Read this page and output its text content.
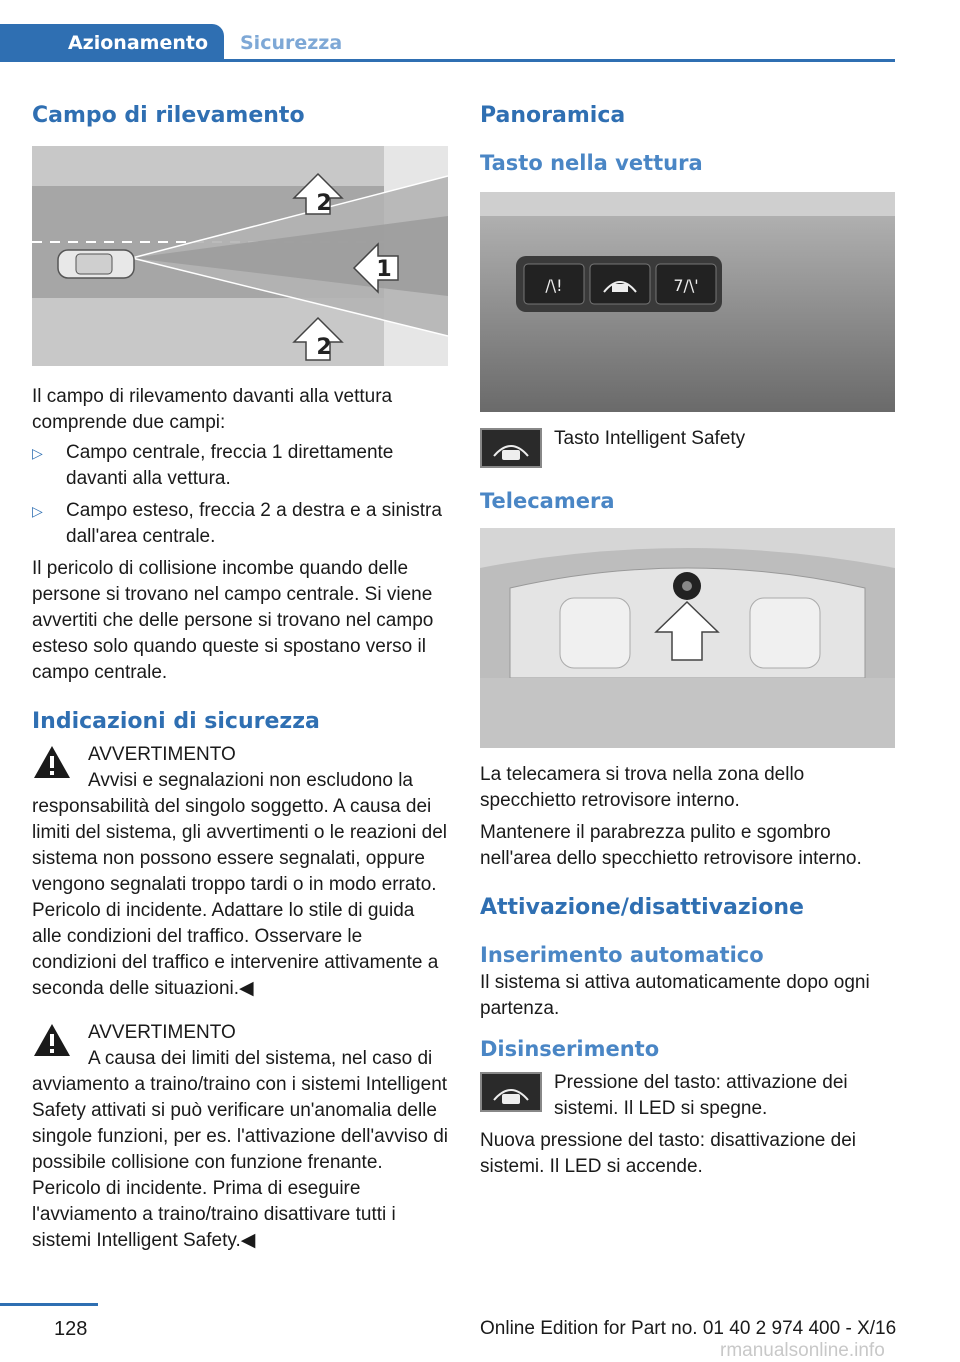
Azionamento Sicurezza
Campo di rilevamento
2
1
2

Il campo di rilevamento davanti alla vettura comprende due campi:

▷ Campo centrale, freccia 1 direttamente davanti alla vettura.
▷ Campo esteso, freccia 2 a destra e a sinistra dall'area centrale.

Il pericolo di collisione incombe quando delle persone si trovano nel campo centrale. Si viene avvertiti che delle persone si trovano nel campo esteso solo quando queste si spostano verso il campo centrale.

Indicazioni di sicurezza
AVVERTIMENTO

Avvisi e segnalazioni non escludono la responsabilità del singolo soggetto. A causa dei limiti del sistema, gli avvertimenti o le reazioni del sistema non possono essere segnalati, oppure vengono segnalati troppo tardi o in modo errato. Pericolo di incidente. Adattare lo stile di guida alle condizioni del traffico. Osservare le condizioni del traffico e intervenire attivamente a seconda delle situazioni.◀

AVVERTIMENTO

A causa dei limiti del sistema, nel caso di avviamento a traino/traino con i sistemi Intelligent Safety attivati si può verificare un'anomalia delle singole funzioni, per es. l'attivazione dell'avviso di possibile collisione con funzione frenante. Pericolo di incidente. Prima di eseguire l'avviamento a traino/traino disattivare tutti i sistemi Intelligent Safety.◀

Panoramica
Tasto nella vettura
/\!	7/\'

Tasto Intelligent Safety

Telecamera

La telecamera si trova nella zona dello specchietto retrovisore interno.

Mantenere il parabrezza pulito e sgombro nell'area dello specchietto retrovisore interno.

Attivazione/disattivazione
Inserimento automatico

Il sistema si attiva automaticamente dopo ogni partenza.

Disinserimento

Pressione del tasto: attivazione dei sistemi. Il LED si spegne.

Nuova pressione del tasto: disattivazione dei sistemi. Il LED si accende.

128	Online Edition for Part no. 01 40 2 974 400 - X/16
rmanualsonline.info
